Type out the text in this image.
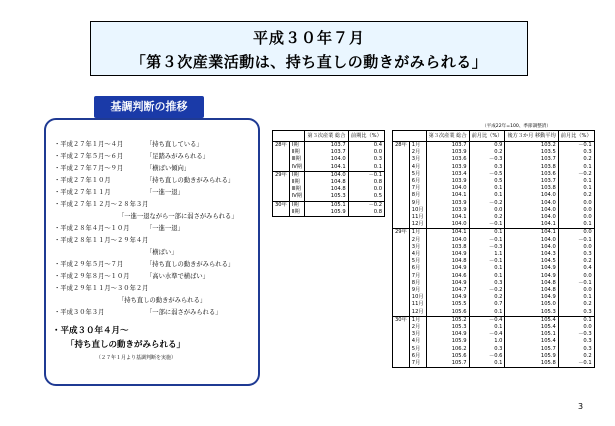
平成３０年７月
「第３次産業活動は、持ち直しの動きがみられる」
基調判断の推移
・平成２７年１月～４月	「持ち直している」
・平成２７年５月～６月	「足踏みがみられる」
・平成２７年７月～９月	「横ばい傾向」
・平成２７年１０月	「持ち直しの動きがみられる」
・平成２７年１１月	「一進一退」
・平成２７年１２月～２８年３月
「一進一退ながら一部に弱さがみられる」
・平成２８年４月～１０月	「一進一退」
・平成２８年１１月～２９年４月
「横ばい」
・平成２９年５月～７月	「持ち直しの動きがみられる」
・平成２９年８月～１０月	「高い水準で横ばい」
・平成２９年１１月～３０年２月
「持ち直しの動きがみられる」
・平成３０年３月	「一部に弱さがみられる」
・平成３０年４月～
「持ち直しの動きがみられる」
（２７年１月より基調判断を実施）
		第３次産業 総合	前期比（%）
28年	Ⅰ期	103.7	0.4
	Ⅱ期	103.7	0.0
	Ⅲ期	104.0	0.3
	Ⅳ期	104.1	0.1
29年	Ⅰ期	104.0	－0.1
	Ⅱ期	104.8	0.8
	Ⅲ期	104.8	0.0
	Ⅳ期	105.3	0.5
30年	Ⅰ期	105.1	－0.2
	Ⅱ期	105.9	0.8
（平成22年=100、季節調整済）
		第３次産業 総合	前月比（%）	後方３か月 移動平均	前月比（%）
28年	1月	103.7	0.9	103.2	－0.1
	2月	103.9	0.2	103.5	0.3
	3月	103.6	－0.3	103.7	0.2
	4月	103.9	0.3	103.8	0.1
	5月	103.4	－0.5	103.6	－0.2
	6月	103.9	0.5	103.7	0.1
	7月	104.0	0.1	103.8	0.1
	8月	104.1	0.1	104.0	0.2
	9月	103.9	－0.2	104.0	0.0
	10月	103.9	0.0	104.0	0.0
	11月	104.1	0.2	104.0	0.0
	12月	104.0	－0.1	104.1	0.1
29年	1月	104.1	0.1	104.1	0.0
	2月	104.0	－0.1	104.0	－0.1
	3月	103.8	－0.3	104.0	0.0
	4月	104.9	1.1	104.3	0.3
	5月	104.8	－0.1	104.5	0.2
	6月	104.9	0.1	104.9	0.4
	7月	104.6	0.1	104.9	0.0
	8月	104.9	0.3	104.8	－0.1
	9月	104.7	－0.2	104.8	0.0
	10月	104.9	0.2	104.9	0.1
	11月	105.5	0.7	105.0	0.2
	12月	105.6	0.1	105.3	0.3
30年	1月	105.2	－0.4	105.4	0.1
	2月	105.3	0.1	105.4	0.0
	3月	104.9	－0.4	105.1	－0.3
	4月	105.9	1.0	105.4	0.3
	5月	106.2	0.3	105.7	0.3
	6月	105.6	－0.6	105.9	0.2
	7月	105.7	0.1	105.8	－0.1
3
